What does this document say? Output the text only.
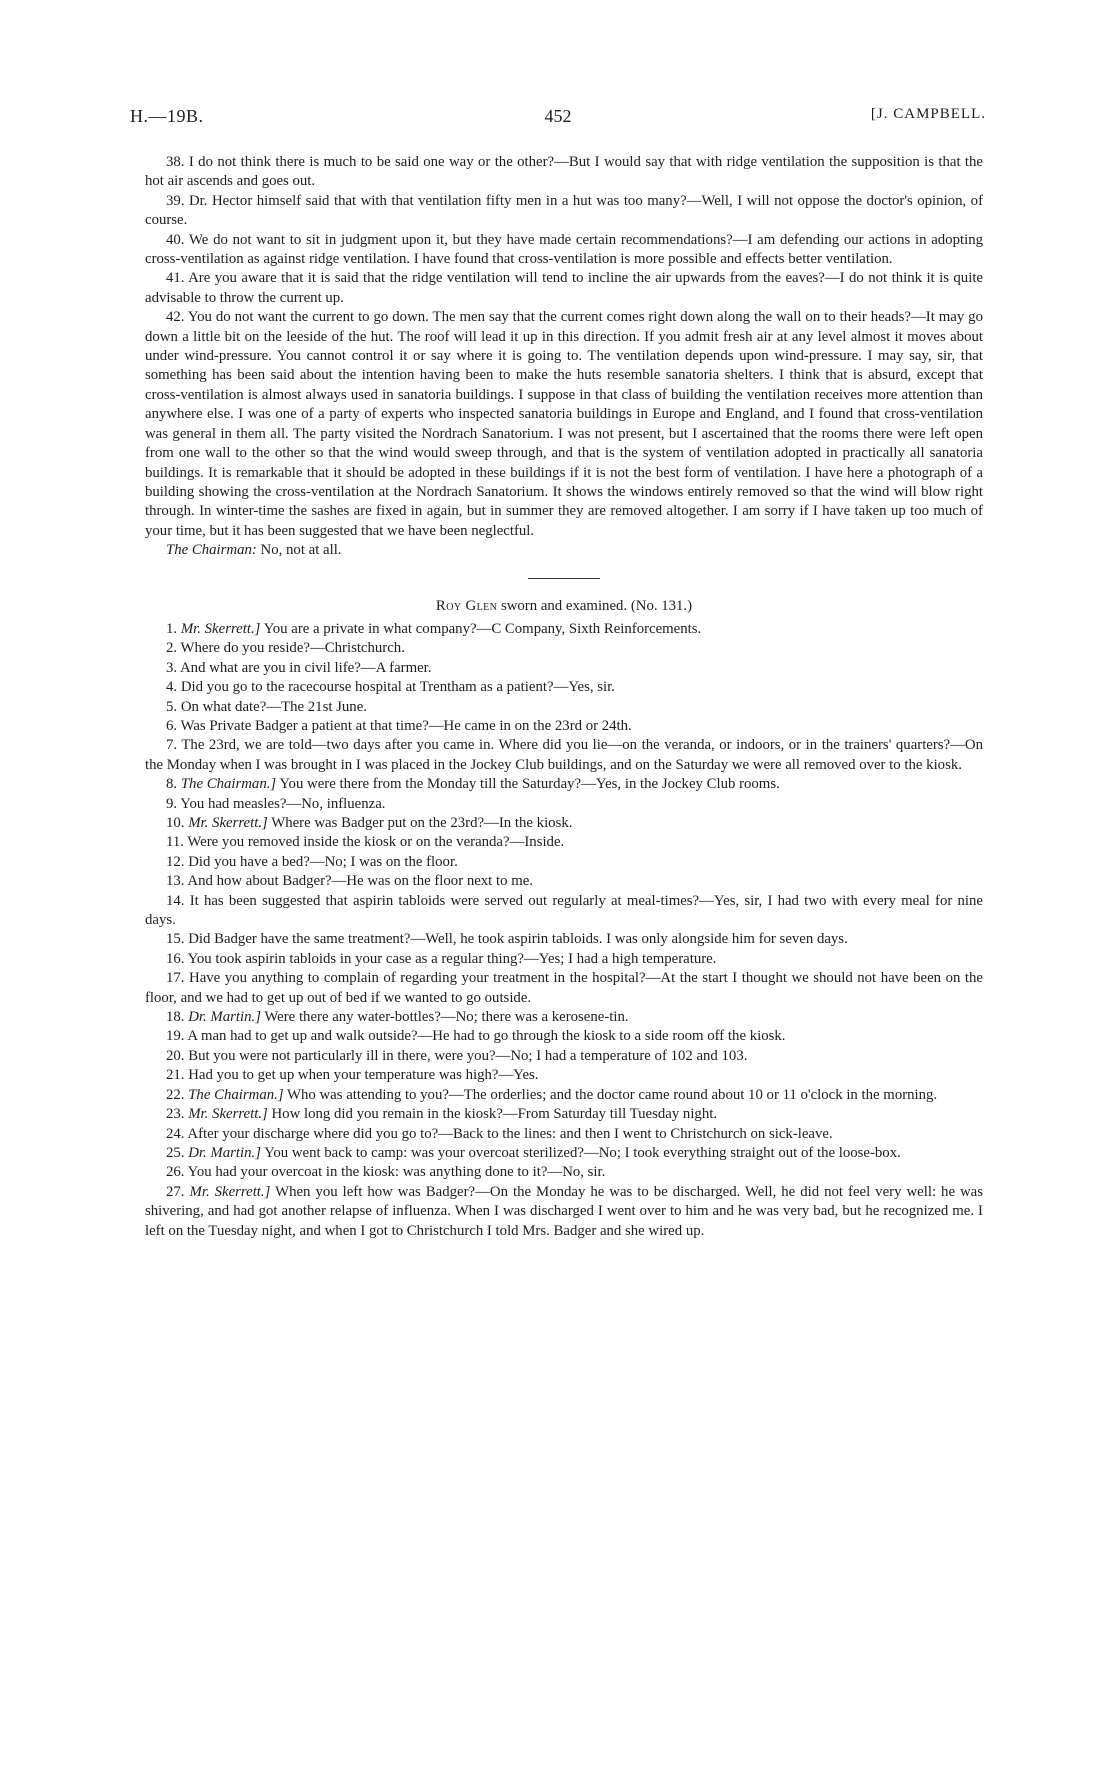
H.—19B.	452	[J. CAMPBELL.

38. I do not think there is much to be said one way or the other?—But I would say that with ridge ventilation the supposition is that the hot air ascends and goes out.

39. Dr. Hector himself said that with that ventilation fifty men in a hut was too many?—Well, I will not oppose the doctor's opinion, of course.

40. We do not want to sit in judgment upon it, but they have made certain recommendations?—I am defending our actions in adopting cross-ventilation as against ridge ventilation. I have found that cross-ventilation is more possible and effects better ventilation.

41. Are you aware that it is said that the ridge ventilation will tend to incline the air upwards from the eaves?—I do not think it is quite advisable to throw the current up.

42. You do not want the current to go down. The men say that the current comes right down along the wall on to their heads?—It may go down a little bit on the leeside of the hut. The roof will lead it up in this direction. If you admit fresh air at any level almost it moves about under wind-pressure. You cannot control it or say where it is going to. The ventilation depends upon wind-pressure. I may say, sir, that something has been said about the intention having been to make the huts resemble sanatoria shelters. I think that is absurd, except that cross-ventilation is almost always used in sanatoria buildings. I suppose in that class of building the ventilation receives more attention than anywhere else. I was one of a party of experts who inspected sanatoria buildings in Europe and England, and I found that cross-ventilation was general in them all. The party visited the Nordrach Sanatorium. I was not present, but I ascertained that the rooms there were left open from one wall to the other so that the wind would sweep through, and that is the system of ventilation adopted in practically all sanatoria buildings. It is remarkable that it should be adopted in these buildings if it is not the best form of ventilation. I have here a photograph of a building showing the cross-ventilation at the Nordrach Sanatorium. It shows the windows entirely removed so that the wind will blow right through. In winter-time the sashes are fixed in again, but in summer they are removed altogether. I am sorry if I have taken up too much of your time, but it has been suggested that we have been neglectful.

The Chairman: No, not at all.

Roy Glen sworn and examined. (No. 131.)

1. Mr. Skerrett.] You are a private in what company?—C Company, Sixth Reinforcements.

2. Where do you reside?—Christchurch.

3. And what are you in civil life?—A farmer.

4. Did you go to the racecourse hospital at Trentham as a patient?—Yes, sir.

5. On what date?—The 21st June.

6. Was Private Badger a patient at that time?—He came in on the 23rd or 24th.

7. The 23rd, we are told—two days after you came in. Where did you lie—on the veranda, or indoors, or in the trainers' quarters?—On the Monday when I was brought in I was placed in the Jockey Club buildings, and on the Saturday we were all removed over to the kiosk.

8. The Chairman.] You were there from the Monday till the Saturday?—Yes, in the Jockey Club rooms.

9. You had measles?—No, influenza.

10. Mr. Skerrett.] Where was Badger put on the 23rd?—In the kiosk.

11. Were you removed inside the kiosk or on the veranda?—Inside.

12. Did you have a bed?—No; I was on the floor.

13. And how about Badger?—He was on the floor next to me.

14. It has been suggested that aspirin tabloids were served out regularly at meal-times?—Yes, sir, I had two with every meal for nine days.

15. Did Badger have the same treatment?—Well, he took aspirin tabloids. I was only alongside him for seven days.

16. You took aspirin tabloids in your case as a regular thing?—Yes; I had a high temperature.

17. Have you anything to complain of regarding your treatment in the hospital?—At the start I thought we should not have been on the floor, and we had to get up out of bed if we wanted to go outside.

18. Dr. Martin.] Were there any water-bottles?—No; there was a kerosene-tin.

19. A man had to get up and walk outside?—He had to go through the kiosk to a side room off the kiosk.

20. But you were not particularly ill in there, were you?—No; I had a temperature of 102 and 103.

21. Had you to get up when your temperature was high?—Yes.

22. The Chairman.] Who was attending to you?—The orderlies; and the doctor came round about 10 or 11 o'clock in the morning.

23. Mr. Skerrett.] How long did you remain in the kiosk?—From Saturday till Tuesday night.

24. After your discharge where did you go to?—Back to the lines: and then I went to Christchurch on sick-leave.

25. Dr. Martin.] You went back to camp: was your overcoat sterilized?—No; I took everything straight out of the loose-box.

26. You had your overcoat in the kiosk: was anything done to it?—No, sir.

27. Mr. Skerrett.] When you left how was Badger?—On the Monday he was to be discharged. Well, he did not feel very well: he was shivering, and had got another relapse of influenza. When I was discharged I went over to him and he was very bad, but he recognized me. I left on the Tuesday night, and when I got to Christchurch I told Mrs. Badger and she wired up.
